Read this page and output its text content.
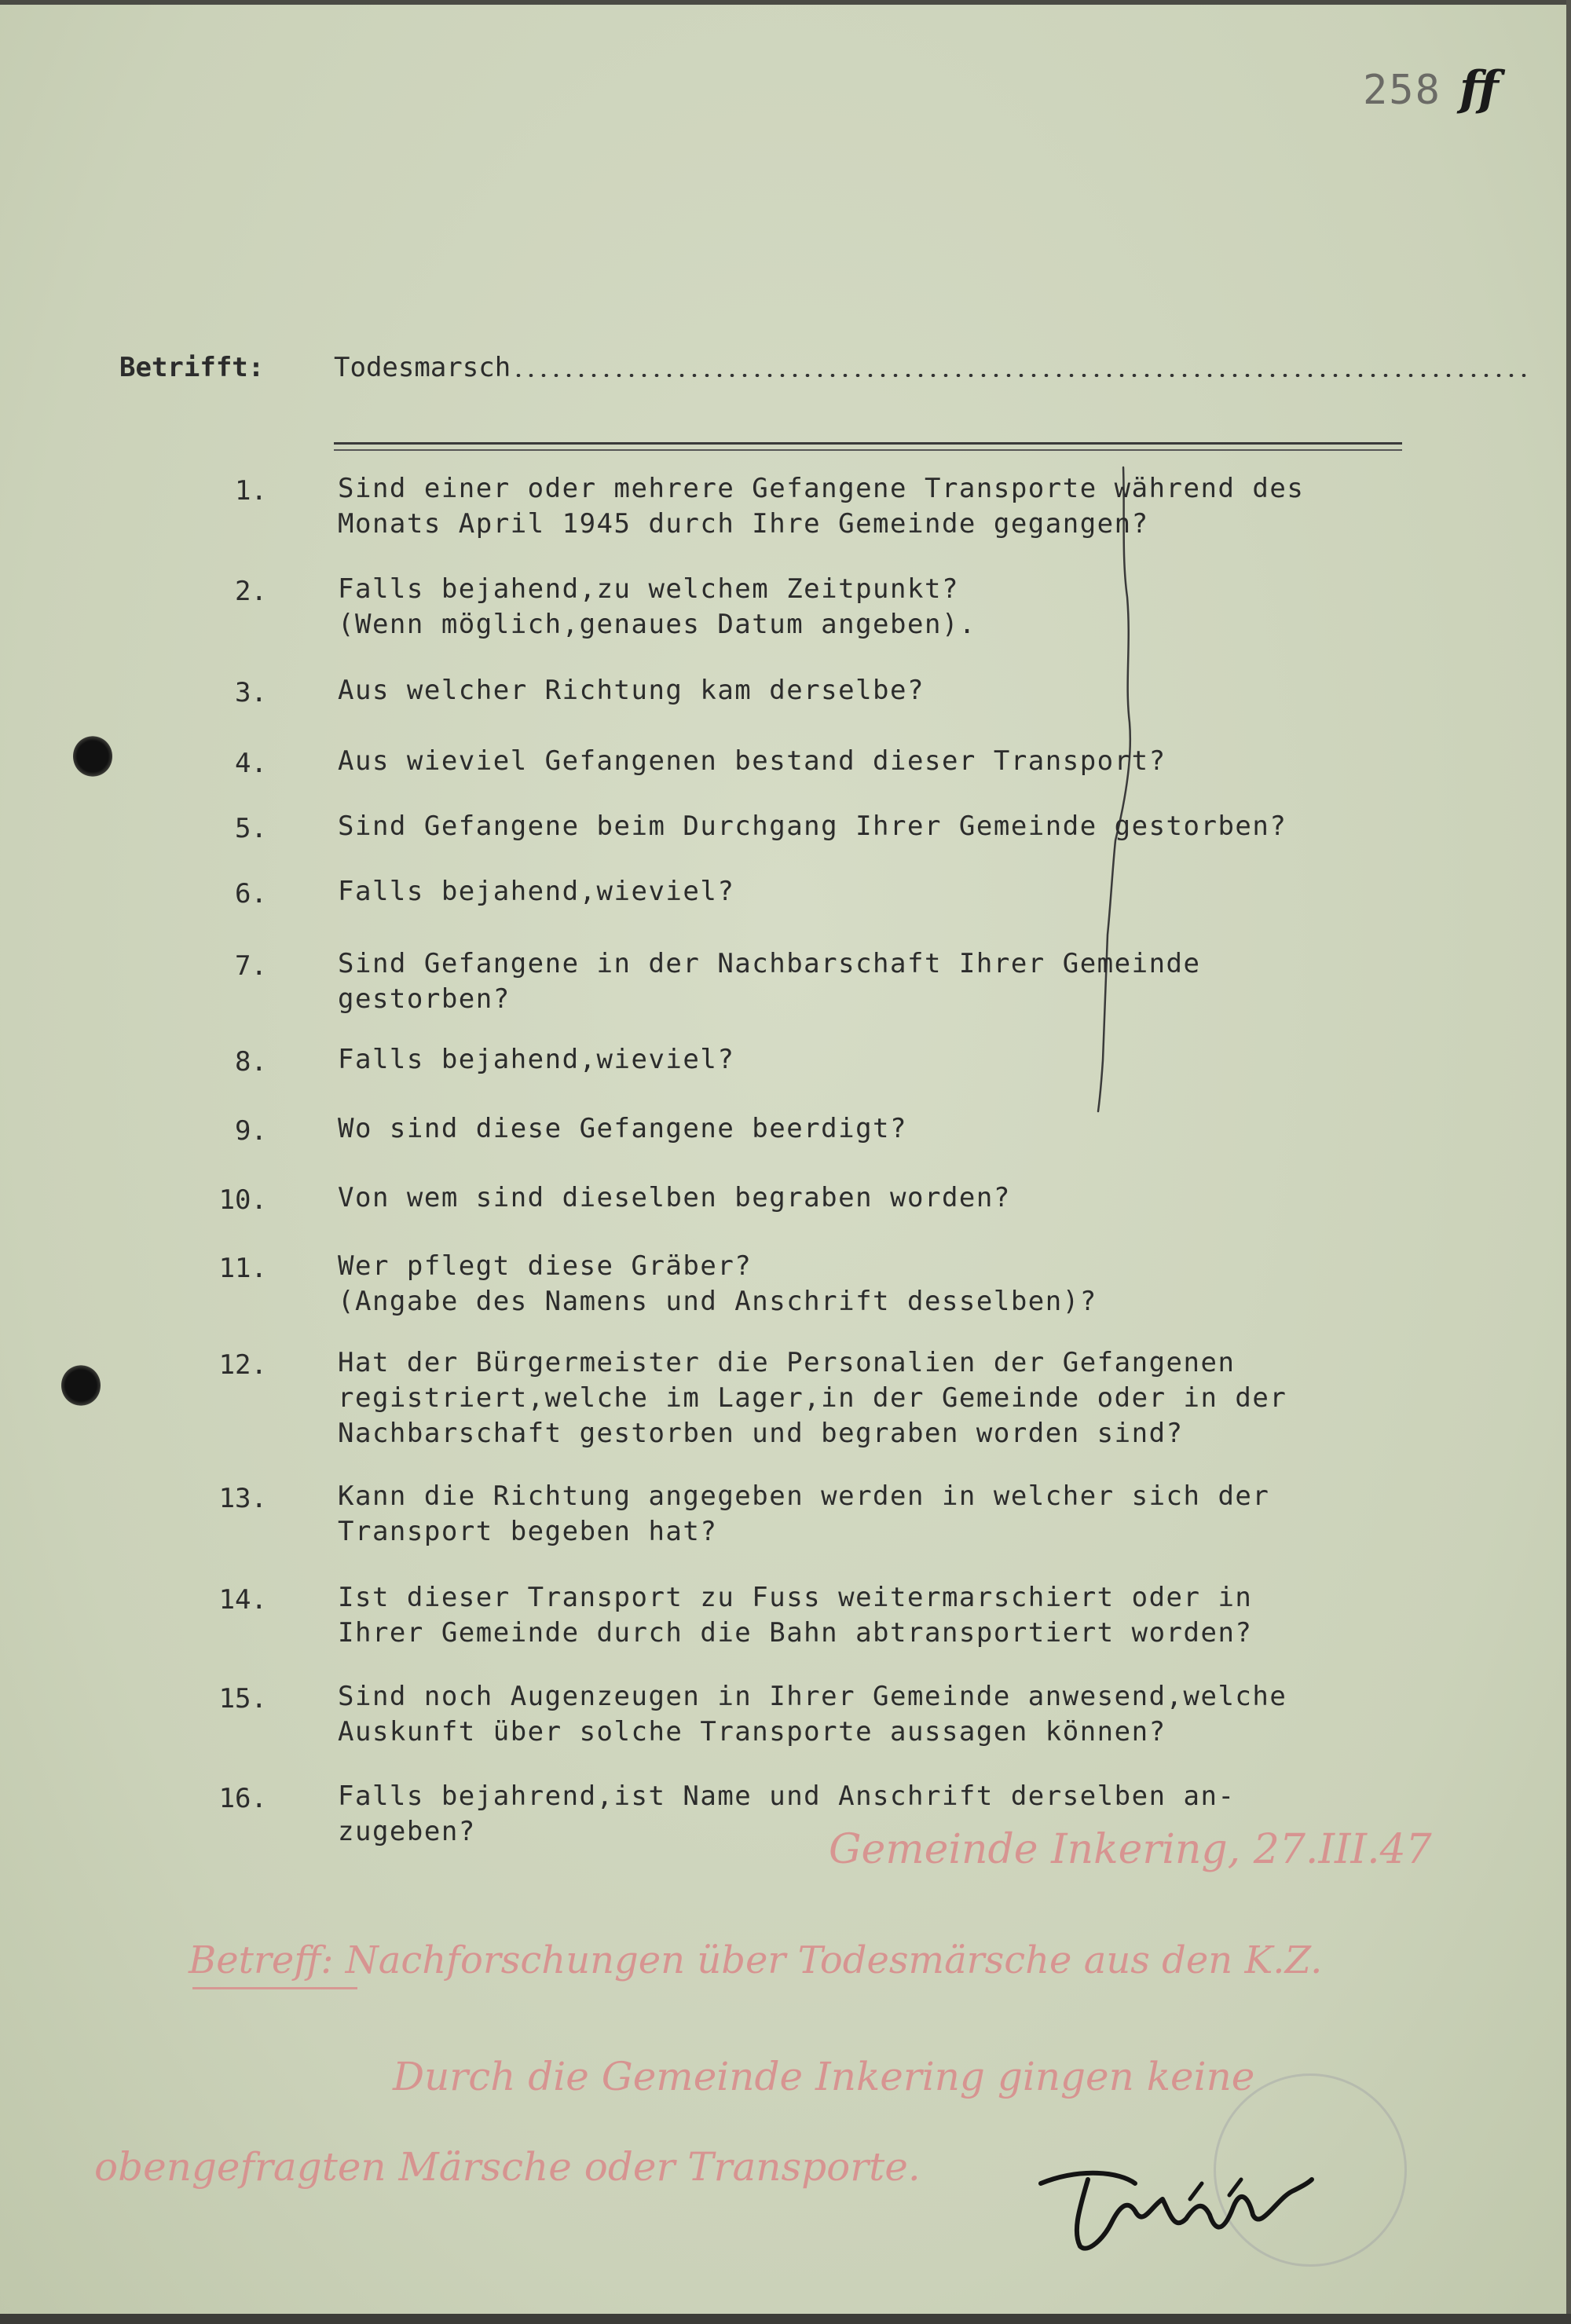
258 ff
Betrifft:	Todesmarsch
1.	Sind einer oder mehrere Gefangene Transporte während des
Monats April 1945 durch Ihre Gemeinde gegangen?
2.	Falls bejahend,zu welchem Zeitpunkt?
(Wenn möglich,genaues Datum angeben).
3.	Aus welcher Richtung kam derselbe?
4.	Aus wieviel Gefangenen bestand dieser Transport?
5.	Sind Gefangene beim Durchgang Ihrer Gemeinde gestorben?
6.	Falls bejahend,wieviel?
7.	Sind Gefangene in der Nachbarschaft Ihrer Gemeinde
gestorben?
8.	Falls bejahend,wieviel?
9.	Wo sind diese Gefangene beerdigt?
10.	Von wem sind dieselben begraben worden?
11.	Wer pflegt diese Gräber?
(Angabe des Namens und Anschrift desselben)?
12.	Hat der Bürgermeister die Personalien der Gefangenen
registriert,welche im Lager,in der Gemeinde oder in der
Nachbarschaft gestorben und begraben worden sind?
13.	Kann die Richtung angegeben werden in welcher sich der
Transport begeben hat?
14.	Ist dieser Transport zu Fuss weitermarschiert oder in
Ihrer Gemeinde durch die Bahn abtransportiert worden?
15.	Sind noch Augenzeugen in Ihrer Gemeinde anwesend,welche
Auskunft über solche Transporte aussagen können?
16.	Falls bejahrend,ist Name und Anschrift derselben an-
zugeben?	Gemeinde Inkering, 27.III.47
Betreff: Nachforschungen über Todesmärsche aus den K.Z.
Durch die Gemeinde Inkering gingen keine
obengefragten Märsche oder Transporte.
